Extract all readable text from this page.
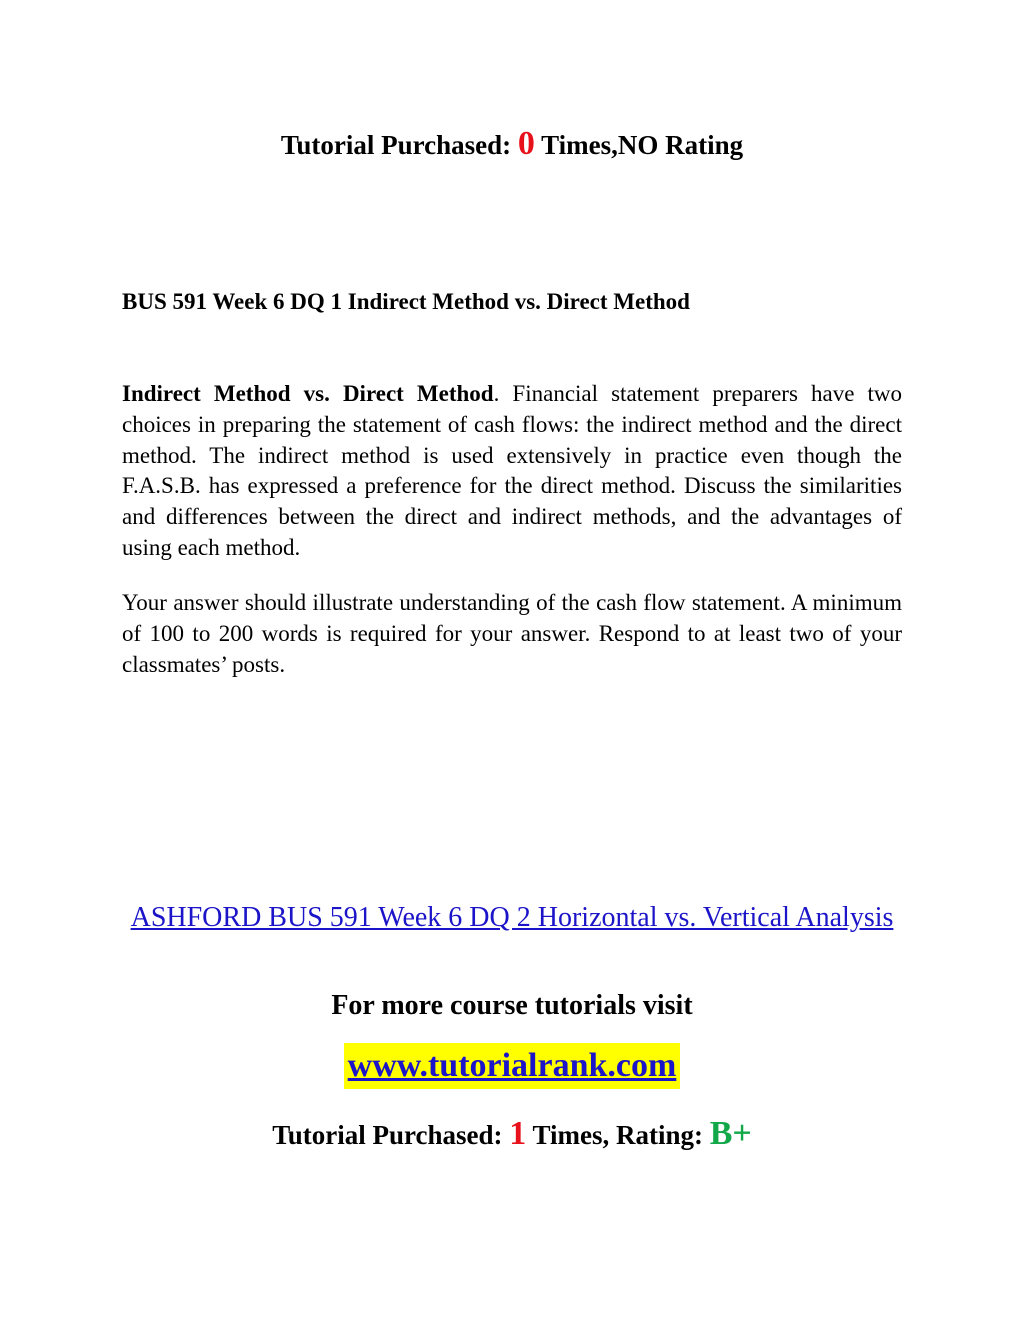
Tutorial Purchased: 0 Times,NO Rating
BUS 591 Week 6 DQ 1 Indirect Method vs. Direct Method

Indirect Method vs. Direct Method. Financial statement preparers have two choices in preparing the statement of cash flows: the indirect method and the direct method. The indirect method is used extensively in practice even though the F.A.S.B. has expressed a preference for the direct method. Discuss the similarities and differences between the direct and indirect methods, and the advantages of using each method.

Your answer should illustrate understanding of the cash flow statement. A minimum of 100 to 200 words is required for your answer. Respond to at least two of your classmates’ posts.

ASHFORD BUS 591 Week 6 DQ 2 Horizontal vs. Vertical Analysis
For more course tutorials visit
www.tutorialrank.com
Tutorial Purchased: 1 Times, Rating: B+
